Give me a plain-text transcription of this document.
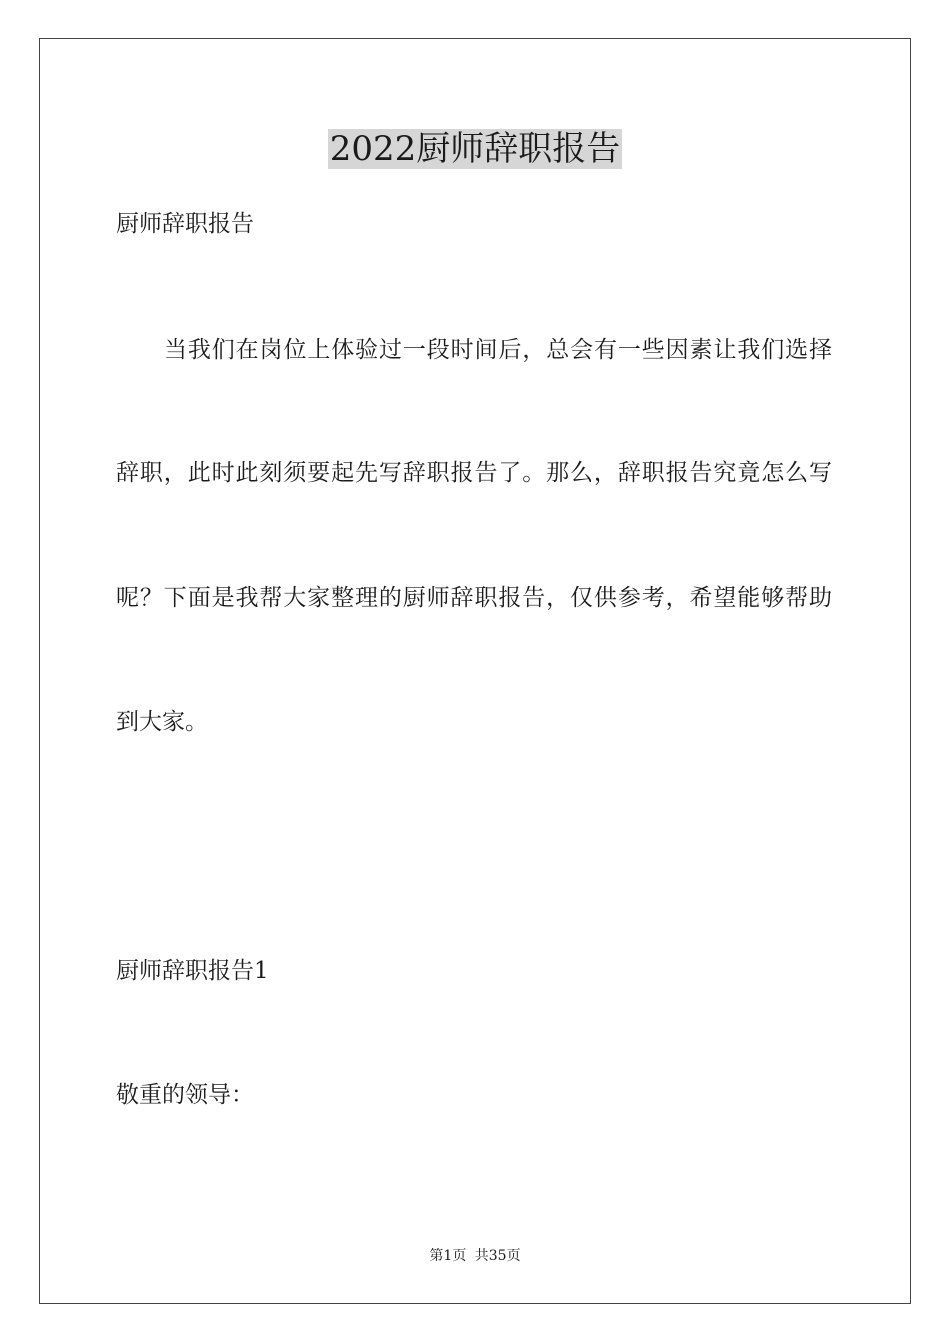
2022厨师辞职报告

厨师辞职报告

当我们在岗位上体验过一段时间后，总会有一些因素让我们选择

辞职，此时此刻须要起先写辞职报告了。那么，辞职报告究竟怎么写

呢？下面是我帮大家整理的厨师辞职报告，仅供参考，希望能够帮助

到大家。

厨师辞职报告1

敬重的领导：

第1页 共35页
